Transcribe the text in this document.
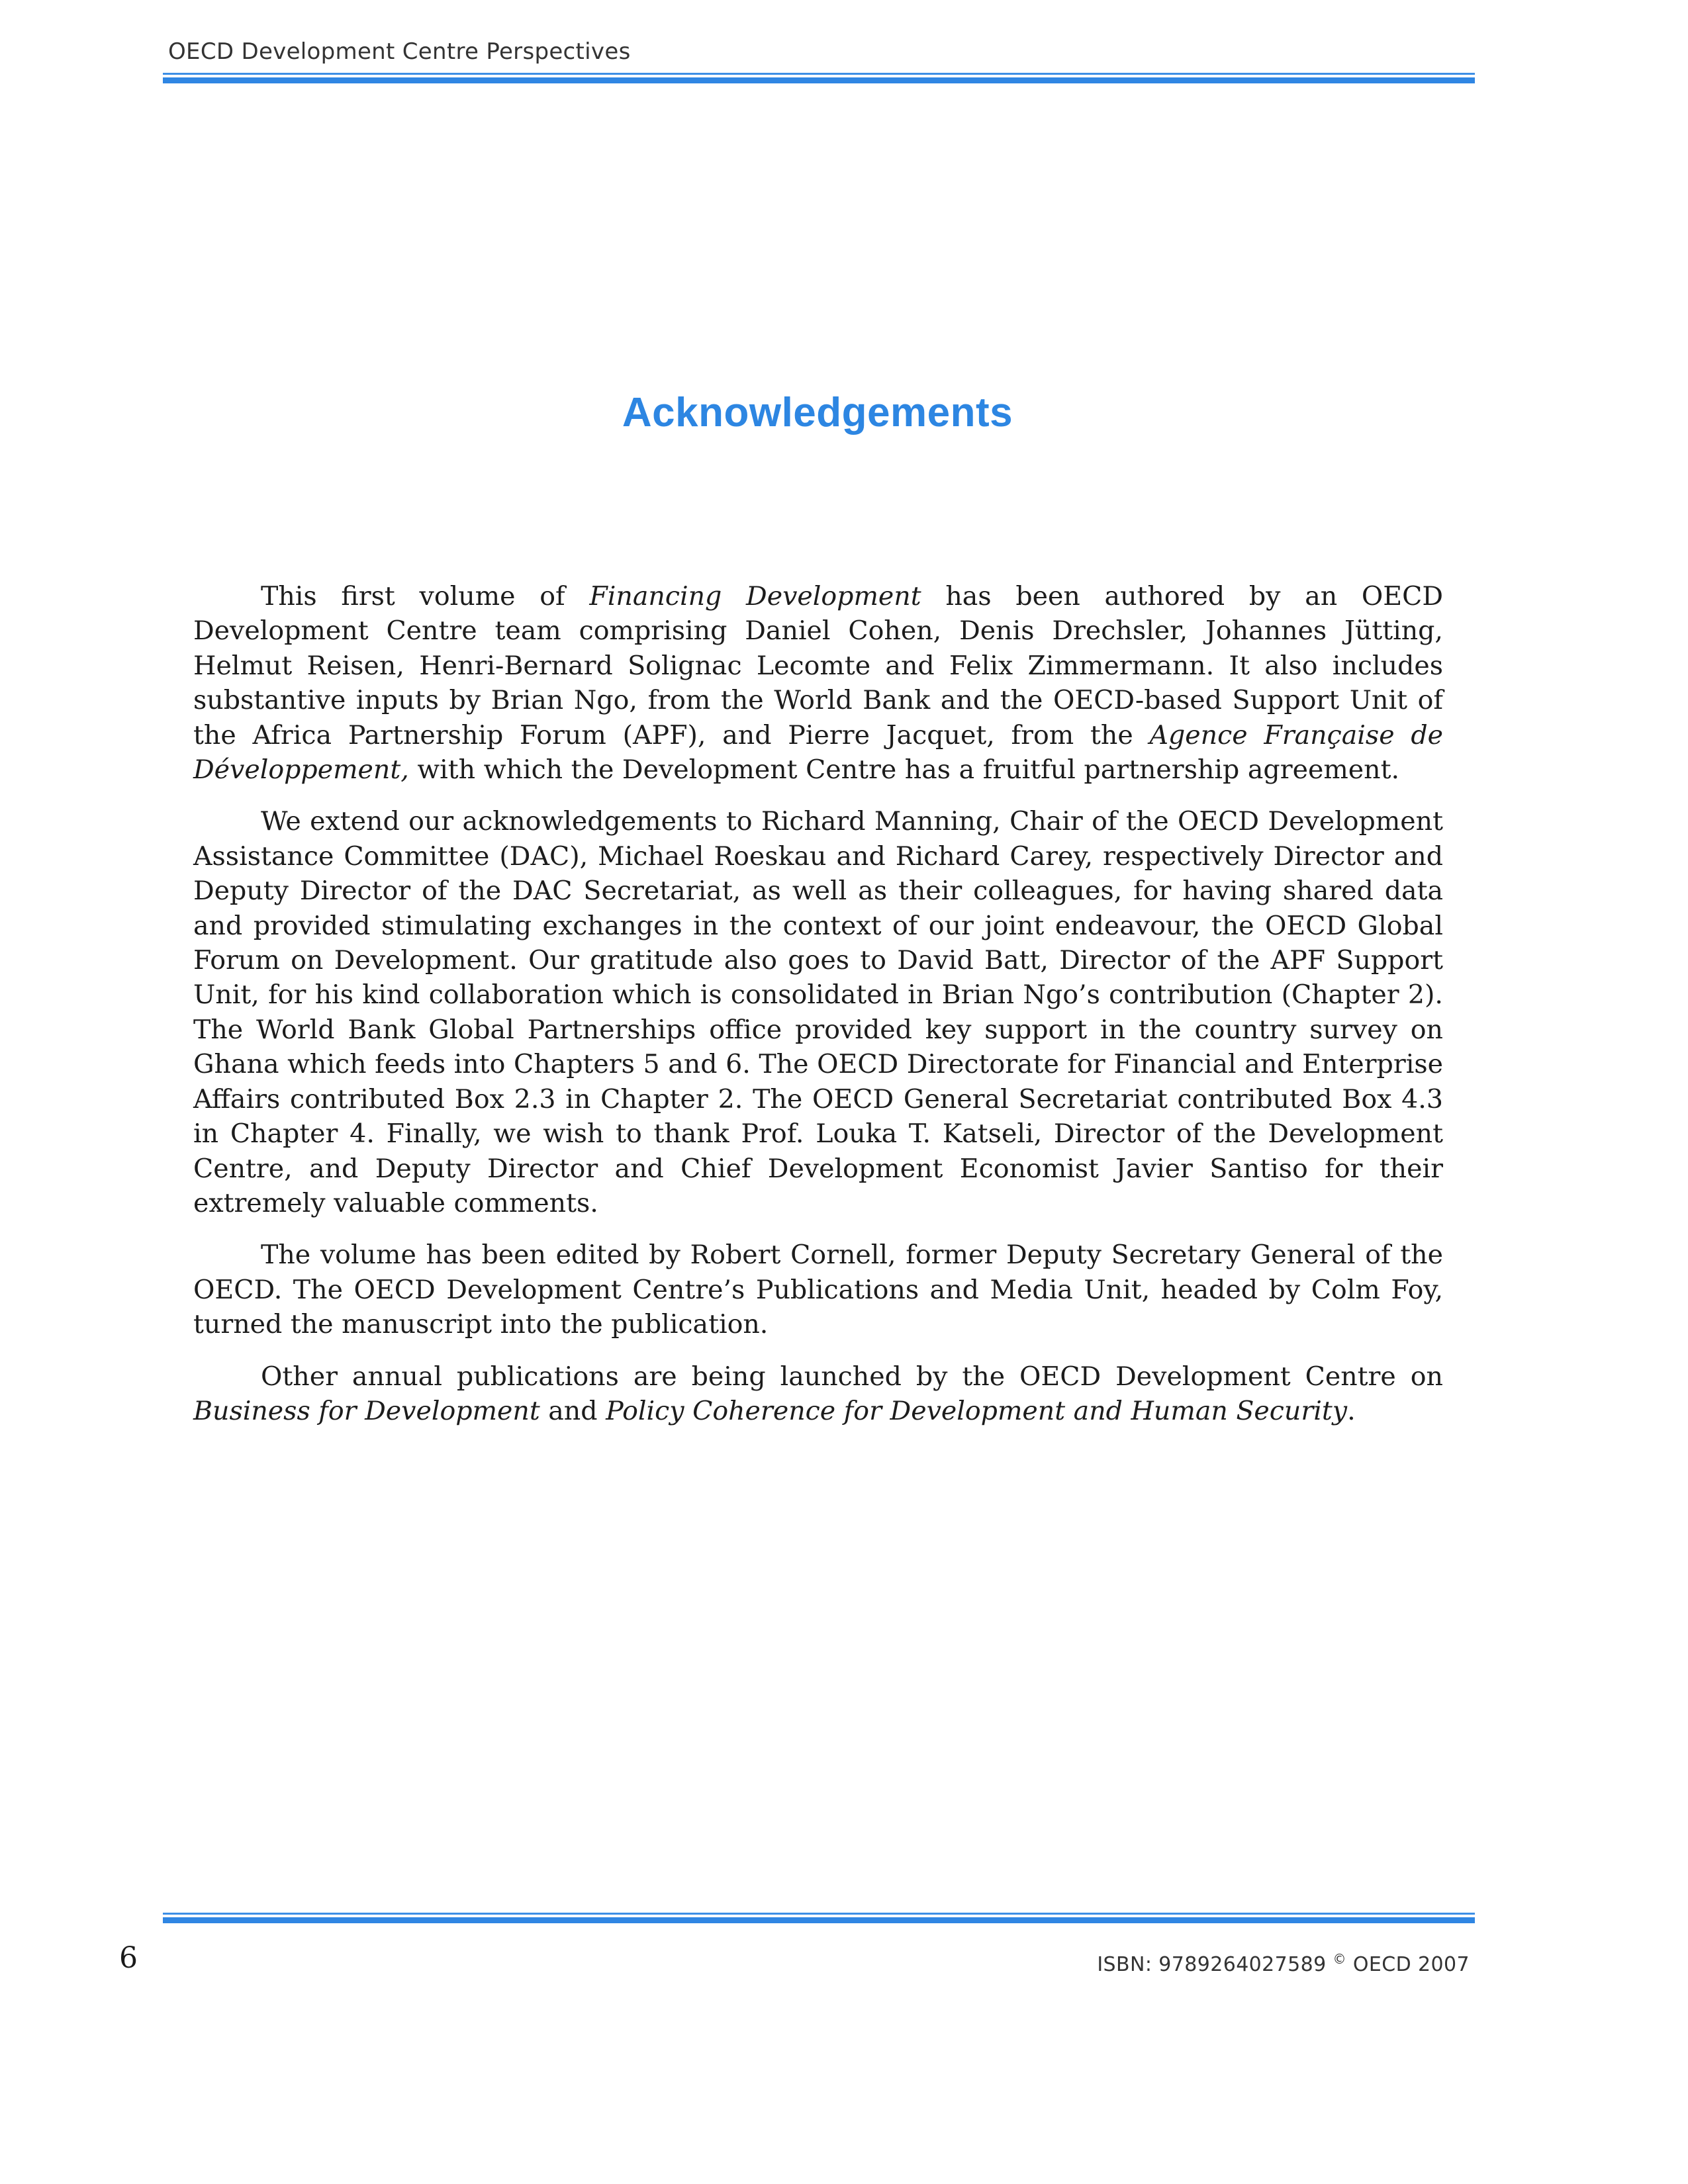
OECD Development Centre Perspectives
Acknowledgements

This first volume of Financing Development has been authored by an OECD Development Centre team comprising Daniel Cohen, Denis Drechsler, Johannes Jütting, Helmut Reisen, Henri-Bernard Solignac Lecomte and Felix Zimmermann. It also includes substantive inputs by Brian Ngo, from the World Bank and the OECD-based Support Unit of the Africa Partnership Forum (APF), and Pierre Jacquet, from the Agence Française de Développement, with which the Development Centre has a fruitful partnership agreement.

We extend our acknowledgements to Richard Manning, Chair of the OECD Development Assistance Committee (DAC), Michael Roeskau and Richard Carey, respectively Director and Deputy Director of the DAC Secretariat, as well as their colleagues, for having shared data and provided stimulating exchanges in the context of our joint endeavour, the OECD Global Forum on Development. Our gratitude also goes to David Batt, Director of the APF Support Unit, for his kind collaboration which is consolidated in Brian Ngo’s contribution (Chapter 2). The World Bank Global Partnerships office provided key support in the country survey on Ghana which feeds into Chapters 5 and 6. The OECD Directorate for Financial and Enterprise Affairs contributed Box 2.3 in Chapter 2. The OECD General Secretariat contributed Box 4.3 in Chapter 4. Finally, we wish to thank Prof. Louka T. Katseli, Director of the Development Centre, and Deputy Director and Chief Development Economist Javier Santiso for their extremely valuable comments.

The volume has been edited by Robert Cornell, former Deputy Secretary General of the OECD. The OECD Development Centre’s Publications and Media Unit, headed by Colm Foy, turned the manuscript into the publication.

Other annual publications are being launched by the OECD Development Centre on Business for Development and Policy Coherence for Development and Human Security.

6	ISBN: 9789264027589 © OECD 2007
